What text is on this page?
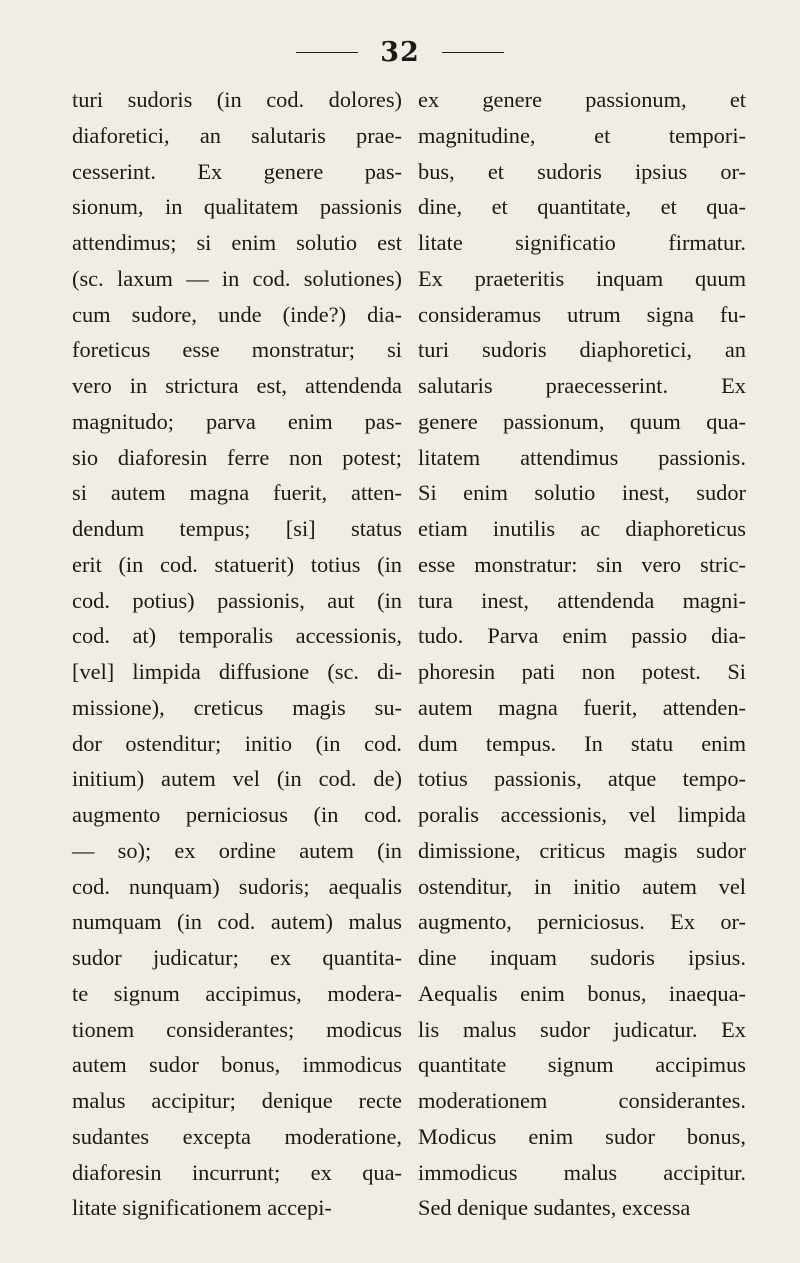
32
turi sudoris (in cod. dolores)
diaforetici, an salutaris prae-
cesserint. Ex genere pas-
sionum, in qualitatem passionis
attendimus; si enim solutio est
(sc. laxum — in cod. solutiones)
cum sudore, unde (inde?) dia-
foreticus esse monstratur; si
vero in strictura est, attendenda
magnitudo; parva enim pas-
sio diaforesin ferre non potest;
si autem magna fuerit, atten-
dendum tempus; [si] status
erit (in cod. statuerit) totius (in
cod. potius) passionis, aut (in
cod. at) temporalis accessionis,
[vel] limpida diffusione (sc. di-
missione), creticus magis su-
dor ostenditur; initio (in cod.
initium) autem vel (in cod. de)
augmento perniciosus (in cod.
— so); ex ordine autem (in
cod. nunquam) sudoris; aequalis
numquam (in cod. autem) malus
sudor judicatur; ex quantita-
te signum accipimus, modera-
tionem considerantes; modicus
autem sudor bonus, immodicus
malus accipitur; denique recte
sudantes excepta moderatione,
diaforesin incurrunt; ex qua-
litate significationem accepi-
ex genere passionum, et
magnitudine, et tempori-
bus, et sudoris ipsius or-
dine, et quantitate, et qua-
litate significatio firmatur.
Ex praeteritis inquam quum
consideramus utrum signa fu-
turi sudoris diaphoretici, an
salutaris praecesserint. Ex
genere passionum, quum qua-
litatem attendimus passionis.
Si enim solutio inest, sudor
etiam inutilis ac diaphoreticus
esse monstratur: sin vero stric-
tura inest, attendenda magni-
tudo. Parva enim passio dia-
phoresin pati non potest. Si
autem magna fuerit, attenden-
dum tempus. In statu enim
totius passionis, atque tempo-
poralis accessionis, vel limpida
dimissione, criticus magis sudor
ostenditur, in initio autem vel
augmento, perniciosus. Ex or-
dine inquam sudoris ipsius.
Aequalis enim bonus, inaequa-
lis malus sudor judicatur. Ex
quantitate signum accipimus
moderationem considerantes.
Modicus enim sudor bonus,
immodicus malus accipitur.
Sed denique sudantes, excessa
